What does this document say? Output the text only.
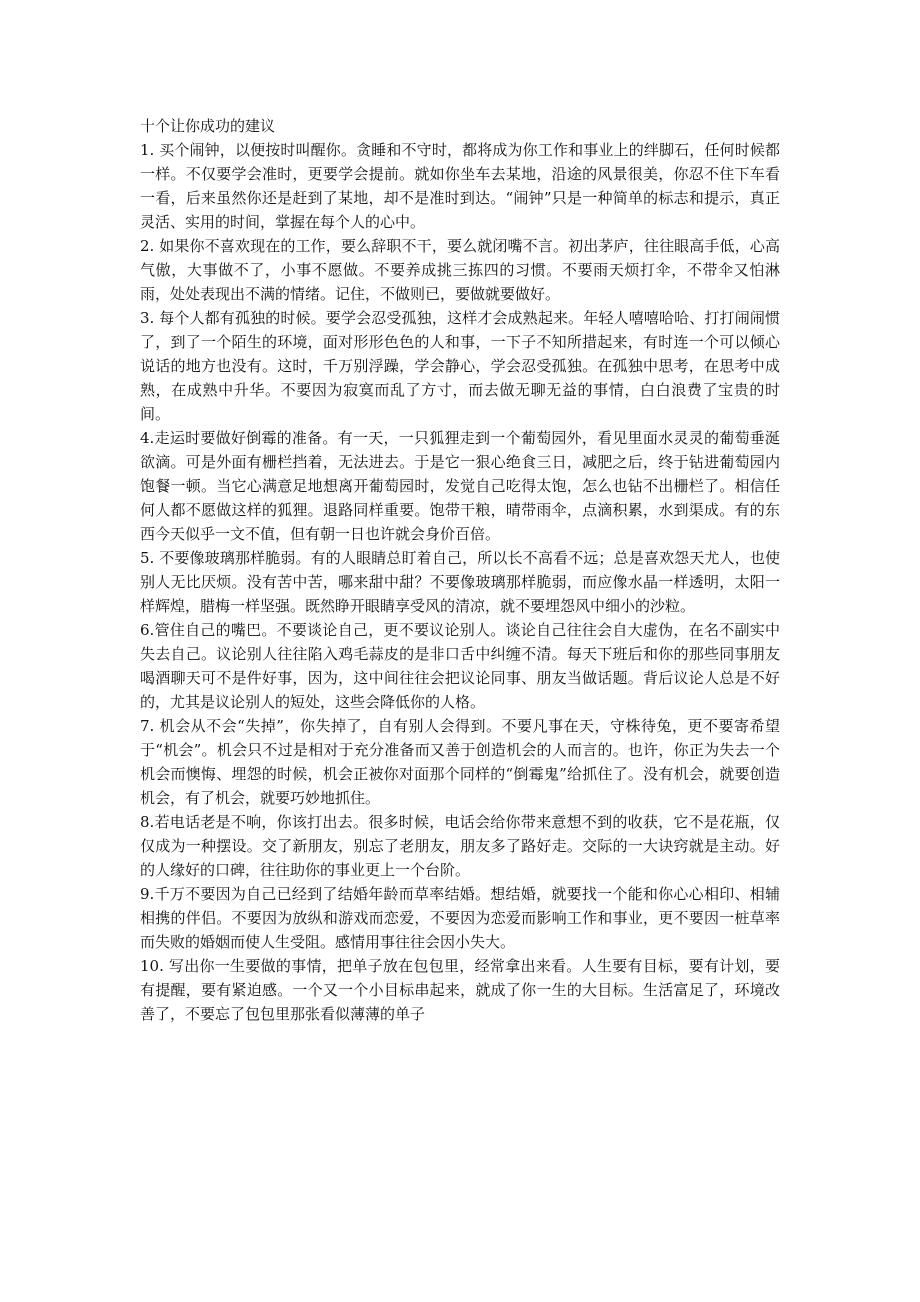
十个让你成功的建议

1. 买个闹钟，以便按时叫醒你。贪睡和不守时，都将成为你工作和事业上的绊脚石，任何时候都一样。不仅要学会准时，更要学会提前。就如你坐车去某地，沿途的风景很美，你忍不住下车看一看，后来虽然你还是赶到了某地，却不是准时到达。“闹钟”只是一种简单的标志和提示，真正灵活、实用的时间，掌握在每个人的心中。

2. 如果你不喜欢现在的工作，要么辞职不干，要么就闭嘴不言。初出茅庐，往往眼高手低，心高气傲，大事做不了，小事不愿做。不要养成挑三拣四的习惯。不要雨天烦打伞，不带伞又怕淋雨，处处表现出不满的情绪。记住，不做则已，要做就要做好。

3. 每个人都有孤独的时候。要学会忍受孤独，这样才会成熟起来。年轻人嘻嘻哈哈、打打闹闹惯了，到了一个陌生的环境，面对形形色色的人和事，一下子不知所措起来，有时连一个可以倾心说话的地方也没有。这时，千万别浮躁，学会静心，学会忍受孤独。在孤独中思考，在思考中成熟，在成熟中升华。不要因为寂寞而乱了方寸，而去做无聊无益的事情，白白浪费了宝贵的时间。

4.走运时要做好倒霉的准备。有一天，一只狐狸走到一个葡萄园外，看见里面水灵灵的葡萄垂涎欲滴。可是外面有栅栏挡着，无法进去。于是它一狠心绝食三日，减肥之后，终于钻进葡萄园内饱餐一顿。当它心满意足地想离开葡萄园时，发觉自己吃得太饱，怎么也钻不出栅栏了。相信任何人都不愿做这样的狐狸。退路同样重要。饱带干粮，晴带雨伞，点滴积累，水到渠成。有的东西今天似乎一文不值，但有朝一日也许就会身价百倍。

5. 不要像玻璃那样脆弱。有的人眼睛总盯着自己，所以长不高看不远；总是喜欢怨天尤人，也使别人无比厌烦。没有苦中苦，哪来甜中甜？不要像玻璃那样脆弱，而应像水晶一样透明，太阳一样辉煌，腊梅一样坚强。既然睁开眼睛享受风的清凉，就不要埋怨风中细小的沙粒。

6.管住自己的嘴巴。不要谈论自己，更不要议论别人。谈论自己往往会自大虚伪，在名不副实中失去自己。议论别人往往陷入鸡毛蒜皮的是非口舌中纠缠不清。每天下班后和你的那些同事朋友喝酒聊天可不是件好事，因为，这中间往往会把议论同事、朋友当做话题。背后议论人总是不好的，尤其是议论别人的短处，这些会降低你的人格。

7. 机会从不会“失掉”，你失掉了，自有别人会得到。不要凡事在天，守株待兔，更不要寄希望于“机会”。机会只不过是相对于充分准备而又善于创造机会的人而言的。也许，你正为失去一个机会而懊悔、埋怨的时候，机会正被你对面那个同样的“倒霉鬼”给抓住了。没有机会，就要创造机会，有了机会，就要巧妙地抓住。

8.若电话老是不响，你该打出去。很多时候，电话会给你带来意想不到的收获，它不是花瓶，仅仅成为一种摆设。交了新朋友，别忘了老朋友，朋友多了路好走。交际的一大诀窍就是主动。好的人缘好的口碑，往往助你的事业更上一个台阶。

9.千万不要因为自己已经到了结婚年龄而草率结婚。想结婚，就要找一个能和你心心相印、相辅相携的伴侣。不要因为放纵和游戏而恋爱，不要因为恋爱而影响工作和事业，更不要因一桩草率而失败的婚姻而使人生受阻。感情用事往往会因小失大。

10. 写出你一生要做的事情，把单子放在包包里，经常拿出来看。人生要有目标，要有计划，要有提醒，要有紧迫感。一个又一个小目标串起来，就成了你一生的大目标。生活富足了，环境改善了，不要忘了包包里那张看似薄薄的单子
